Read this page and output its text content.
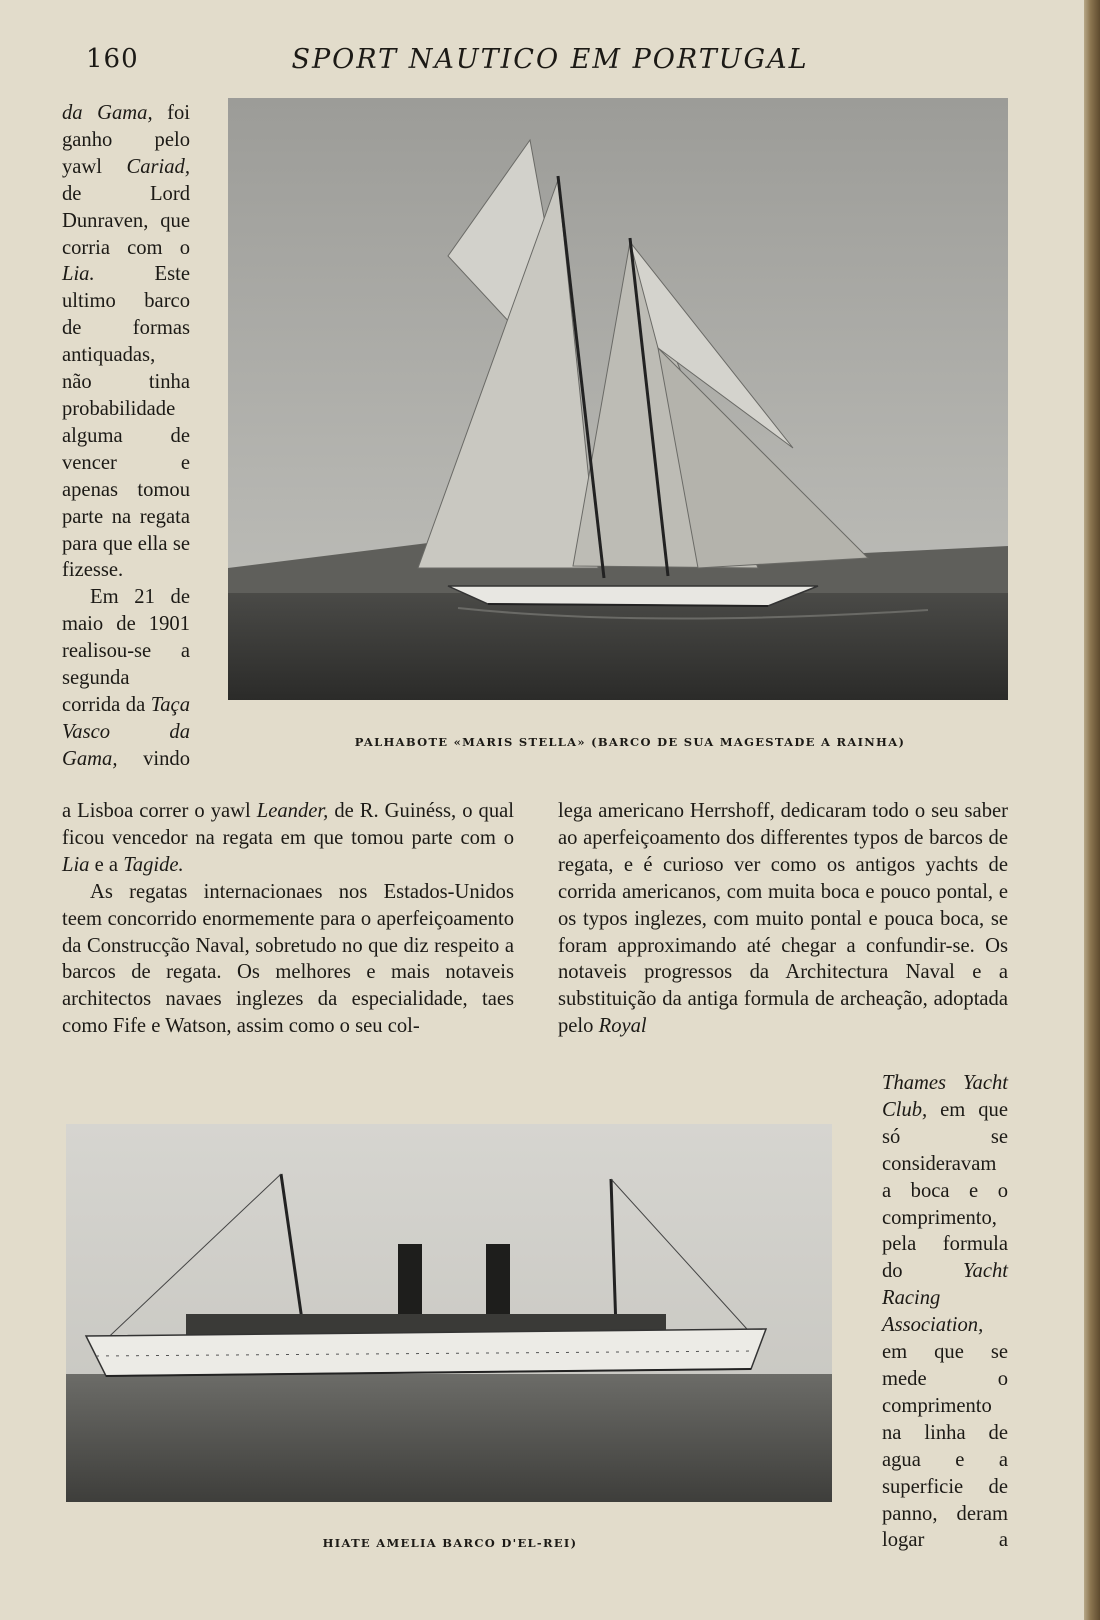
160	SPORT NAUTICO EM PORTUGAL

da Gama, foi ganho pelo yawl Cariad, de Lord Dunraven, que corria com o Lia. Este ultimo barco de formas antiquadas, não tinha probabilidade alguma de vencer e apenas tomou parte na regata para que ella se fizesse.

Em 21 de maio de 1901 realisou-se a segunda corrida da Taça Vasco da Gama, vindo

PALHABOTE «MARIS STELLA» (BARCO DE SUA MAGESTADE A RAINHA)

a Lisboa correr o yawl Leander, de R. Guinéss, o qual ficou vencedor na regata em que tomou parte com o Lia e a Tagide.

As regatas internacionaes nos Estados-Unidos teem concorrido enormemente para o aperfeiçoamento da Construcção Naval, sobretudo no que diz respeito a barcos de regata. Os melhores e mais notaveis architectos navaes inglezes da especialidade, taes como Fife e Watson, assim como o seu col-

lega americano Herrshoff, dedicaram todo o seu saber ao aperfeiçoamento dos differentes typos de barcos de regata, e é curioso ver como os antigos yachts de corrida americanos, com muita boca e pouco pontal, e os typos inglezes, com muito pontal e pouca boca, se foram approximando até chegar a confundir-se. Os notaveis progressos da Architectura Naval e a substituição da antiga formula de archeação, adoptada pelo Royal

Thames Yacht Club, em que só se consideravam a boca e o comprimento, pela formula do Yacht Racing Association, em que se mede o comprimento na linha de agua e a superficie de panno, deram logar a

HIATE AMELIA BARCO D'EL-REI)
